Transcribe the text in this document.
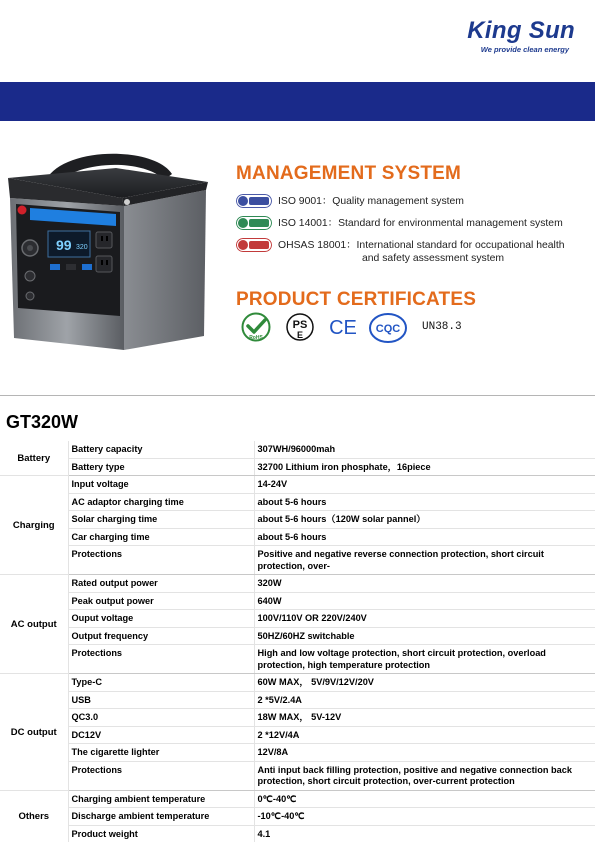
King Sun
We provide clean energy
99 320
MANAGEMENT SYSTEM
ISO 9001：Quality management system
ISO 14001：Standard for environmental management system
OHSAS 18001：International standard for occupational health
and safety assessment system
PRODUCT CERTIFICATES
RoHS
PS
E CE CQC UN38.3
GT320W
Battery	Battery capacity	307WH/96000mah
	Battery type	32700 Lithium iron phosphate，16piece
Charging	Input voltage	14-24V
	AC adaptor charging time	about 5-6 hours
	Solar charging time	about 5-6 hours（120W solar pannel）
	Car charging time	about 5-6 hours
	Protections	Positive and negative reverse connection protection, short circuit protection, over-
AC output	Rated output power	320W
	Peak output power	640W
	Ouput voltage	100V/110V OR 220V/240V
	Output frequency	50HZ/60HZ switchable
	Protections	High and low voltage protection, short circuit protection, overload protection, high temperature protection
DC output	Type-C	60W MAX， 5V/9V/12V/20V
	USB	2 *5V/2.4A
	QC3.0	18W MAX， 5V-12V
	DC12V	2 *12V/4A
	The cigarette lighter	12V/8A
	Protections	Anti input back filling protection, positive and negative connection back protection, short circuit protection, over-current protection
Others	Charging ambient temperature	0℃-40℃
	Discharge ambient temperature	-10℃-40℃
	Product weight	4.1
